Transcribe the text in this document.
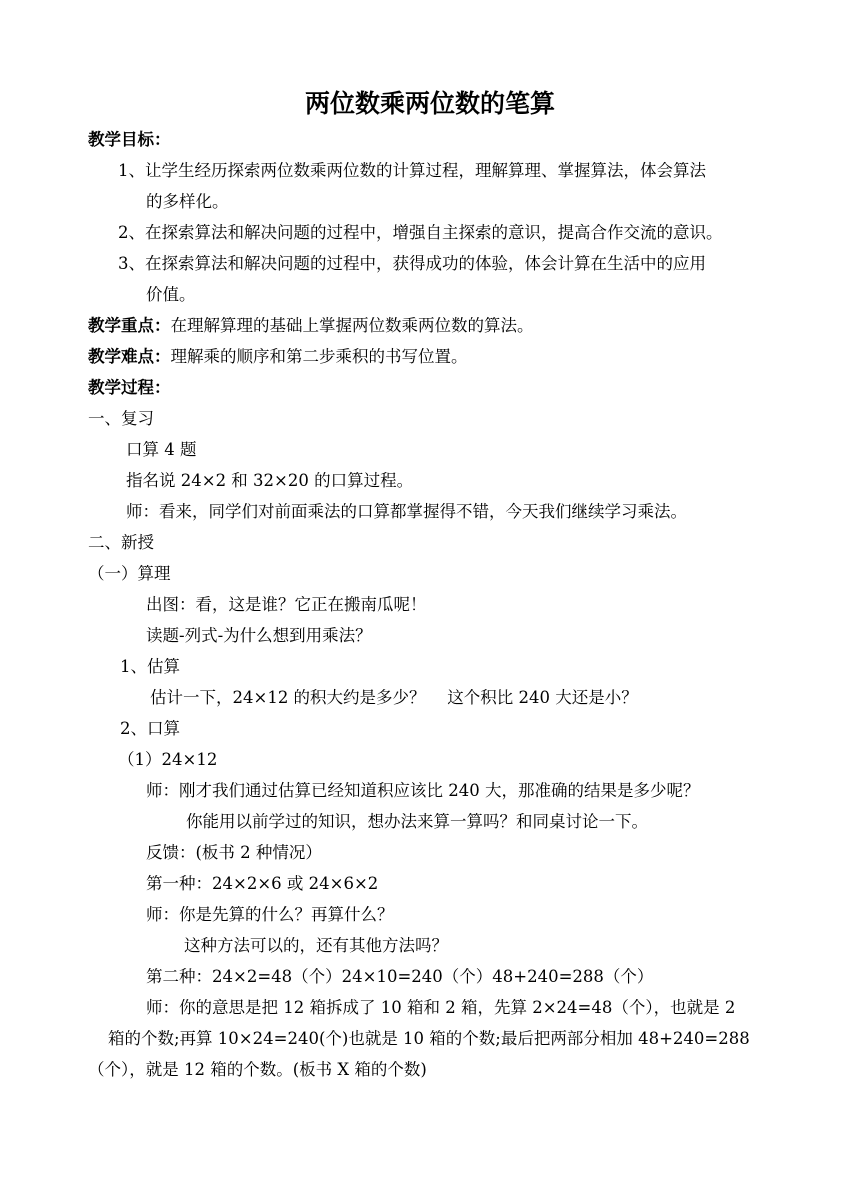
两位数乘两位数的笔算
教学目标：
1、让学生经历探索两位数乘两位数的计算过程，理解算理、掌握算法，体会算法
的多样化。
2、在探索算法和解决问题的过程中，增强自主探索的意识，提高合作交流的意识。
3、在探索算法和解决问题的过程中，获得成功的体验，体会计算在生活中的应用
价值。
教学重点：在理解算理的基础上掌握两位数乘两位数的算法。
教学难点：理解乘的顺序和第二步乘积的书写位置。
教学过程：
一、复习
口算 4 题
指名说 24×2 和 32×20 的口算过程。
师：看来，同学们对前面乘法的口算都掌握得不错，今天我们继续学习乘法。
二、新授
（一）算理
出图：看，这是谁？它正在搬南瓜呢！
读题-列式-为什么想到用乘法？
1、估算
估计一下，24×12 的积大约是多少？　 这个积比 240 大还是小？
2、口算
（1）24×12
师：刚才我们通过估算已经知道积应该比 240 大，那准确的结果是多少呢？
你能用以前学过的知识，想办法来算一算吗？和同桌讨论一下。
反馈：(板书 2 种情况）
第一种：24×2×6 或 24×6×2
师：你是先算的什么？再算什么？
这种方法可以的，还有其他方法吗？
第二种：24×2=48（个）24×10=240（个）48+240=288（个）
师：你的意思是把 12 箱拆成了 10 箱和 2 箱，先算 2×24=48（个），也就是 2
箱的个数;再算 10×24=240(个)也就是 10 箱的个数;最后把两部分相加 48+240=288
（个），就是 12 箱的个数。(板书 X 箱的个数)
